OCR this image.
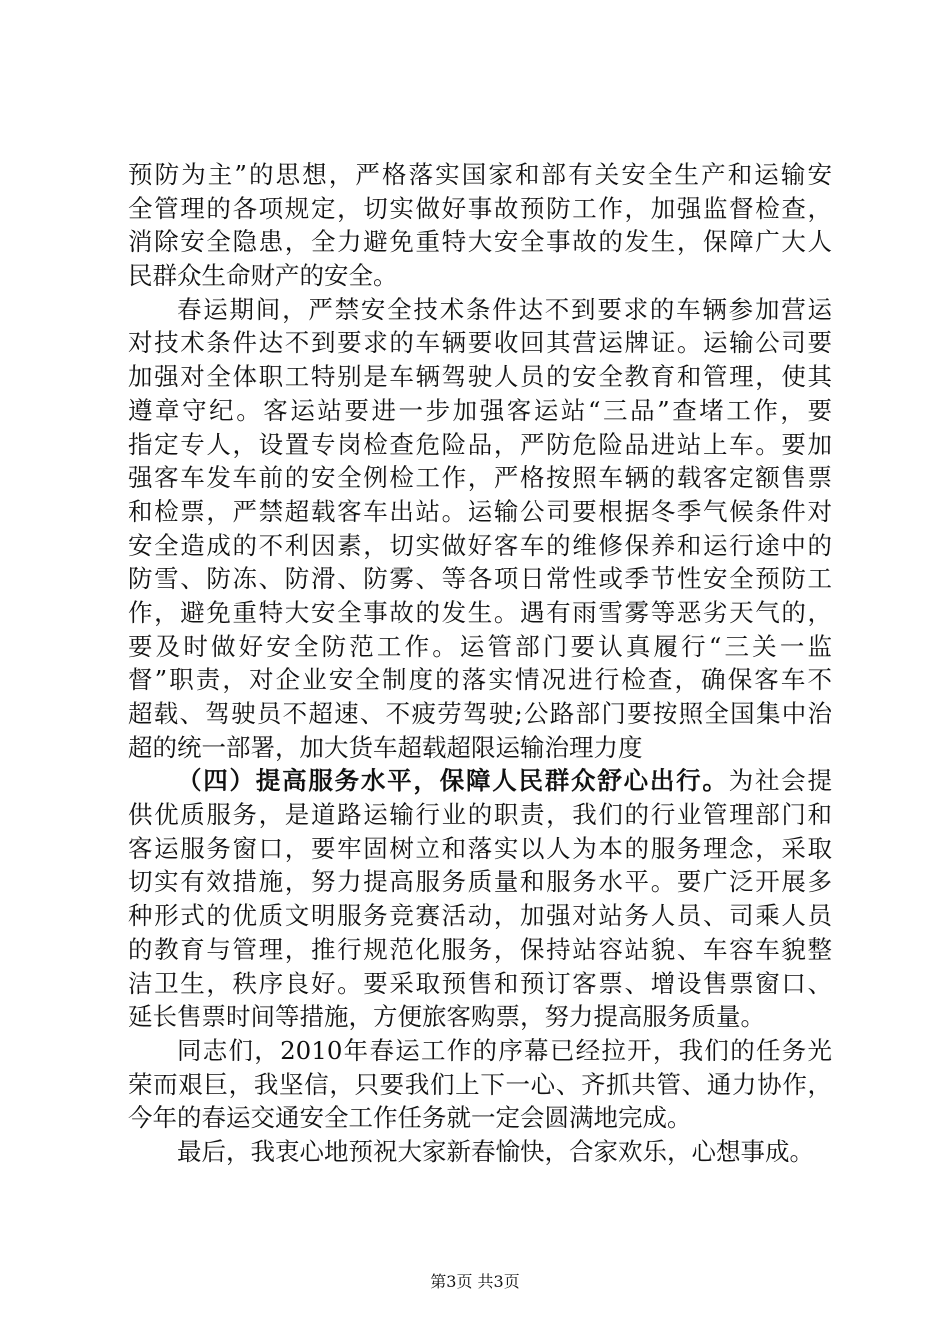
预防为主”的思想，严格落实国家和部有关安全生产和运输安
全管理的各项规定，切实做好事故预防工作，加强监督检查，
消除安全隐患，全力避免重特大安全事故的发生，保障广大人
民群众生命财产的安全。
春运期间，严禁安全技术条件达不到要求的车辆参加营运
对技术条件达不到要求的车辆要收回其营运牌证。运输公司要
加强对全体职工特别是车辆驾驶人员的安全教育和管理，使其
遵章守纪。客运站要进一步加强客运站“三品”查堵工作，要
指定专人，设置专岗检查危险品，严防危险品进站上车。要加
强客车发车前的安全例检工作，严格按照车辆的载客定额售票
和检票，严禁超载客车出站。运输公司要根据冬季气候条件对
安全造成的不利因素，切实做好客车的维修保养和运行途中的
防雪、防冻、防滑、防雾、等各项日常性或季节性安全预防工
作，避免重特大安全事故的发生。遇有雨雪雾等恶劣天气的，
要及时做好安全防范工作。运管部门要认真履行“三关一监
督”职责，对企业安全制度的落实情况进行检查，确保客车不
超载、驾驶员不超速、不疲劳驾驶;公路部门要按照全国集中治
超的统一部署，加大货车超载超限运输治理力度
（四）提高服务水平，保障人民群众舒心出行。为社会提
供优质服务，是道路运输行业的职责，我们的行业管理部门和
客运服务窗口，要牢固树立和落实以人为本的服务理念，采取
切实有效措施，努力提高服务质量和服务水平。要广泛开展多
种形式的优质文明服务竞赛活动，加强对站务人员、司乘人员
的教育与管理，推行规范化服务，保持站容站貌、车容车貌整
洁卫生，秩序良好。要采取预售和预订客票、增设售票窗口、
延长售票时间等措施，方便旅客购票，努力提高服务质量。
同志们，2010年春运工作的序幕已经拉开，我们的任务光
荣而艰巨，我坚信，只要我们上下一心、齐抓共管、通力协作，
今年的春运交通安全工作任务就一定会圆满地完成。
最后，我衷心地预祝大家新春愉快，合家欢乐，心想事成。
第3页 共3页
